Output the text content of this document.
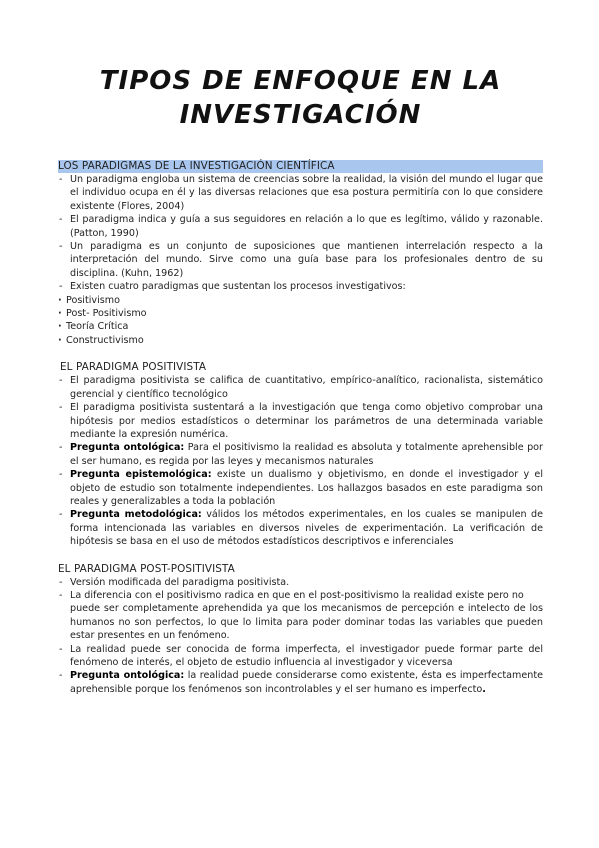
TIPOS DE ENFOQUE EN LA
INVESTIGACIÓN

LOS PARADIGMAS DE LA INVESTIGACIÓN CIENTÍFICA

- Un paradigma engloba un sistema de creencias sobre la realidad, la visión del mundo el lugar que el individuo ocupa en él y las diversas relaciones que esa postura permitiría con lo que considere existente (Flores, 2004)
- El paradigma indica y guía a sus seguidores en relación a lo que es legítimo, válido y razonable. (Patton, 1990)
- Un paradigma es un conjunto de suposiciones que mantienen interrelación respecto a la interpretación del mundo. Sirve como una guía base para los profesionales dentro de su disciplina. (Kuhn, 1962)
- Existen cuatro paradigmas que sustentan los procesos investigativos:
· Positivismo
· Post- Positivismo
· Teoría Crítica
· Constructivismo

EL PARADIGMA POSITIVISTA

- El paradigma positivista se califica de cuantitativo, empírico-analítico, racionalista, sistemático gerencial y científico tecnológico
- El paradigma positivista sustentará a la investigación que tenga como objetivo comprobar una hipótesis por medios estadísticos o determinar los parámetros de una determinada variable mediante la expresión numérica.
- Pregunta ontológica: Para el positivismo la realidad es absoluta y totalmente aprehensible por el ser humano, es regida por las leyes y mecanismos naturales
- Pregunta epistemológica: existe un dualismo y objetivismo, en donde el investigador y el objeto de estudio son totalmente independientes. Los hallazgos basados en este paradigma son reales y generalizables a toda la población
- Pregunta metodológica: válidos los métodos experimentales, en los cuales se manipulen de forma intencionada las variables en diversos niveles de experimentación. La verificación de hipótesis se basa en el uso de métodos estadísticos descriptivos e inferenciales

EL PARADIGMA POST-POSITIVISTA

- Versión modificada del paradigma positivista.
- La diferencia con el positivismo radica en que en el post-positivismo la realidad existe pero no
puede ser completamente aprehendida ya que los mecanismos de percepción e intelecto de los humanos no son perfectos, lo que lo limita para poder dominar todas las variables que pueden estar presentes en un fenómeno.
- La realidad puede ser conocida de forma imperfecta, el investigador puede formar parte del fenómeno de interés, el objeto de estudio influencia al investigador y viceversa
- Pregunta ontológica: la realidad puede considerarse como existente, ésta es imperfectamente aprehensible porque los fenómenos son incontrolables y el ser humano es imperfecto.
